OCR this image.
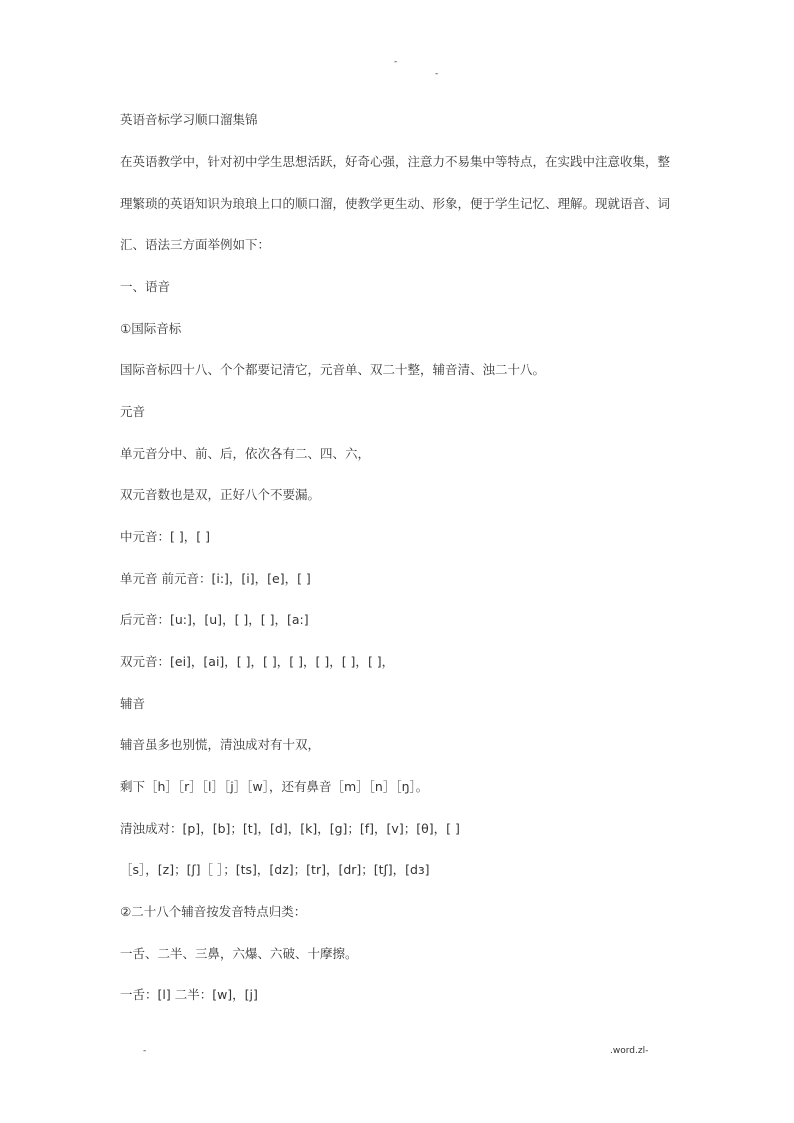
-
-
英语音标学习顺口溜集锦
在英语教学中，针对初中学生思想活跃，好奇心强，注意力不易集中等特点，在实践中注意收集，整
理繁琐的英语知识为琅琅上口的顺口溜，使教学更生动、形象，便于学生记忆、理解。现就语音、词
汇、语法三方面举例如下：
一、语音
①国际音标
国际音标四十八、个个都要记清它，元音单、双二十整，辅音清、浊二十八。
元音
单元音分中、前、后，依次各有二、四、六，
双元音数也是双，正好八个不要漏。
中元音：[ ]，[ ]
单元音 前元音：[i:]，[i]，[e]，[ ]
后元音：[u:]，[u]，[ ]，[ ]，[a:]
双元音：[ei]，[ai]，[ ]，[ ]，[ ]，[ ]，[ ]，[ ]，
辅音
辅音虽多也别慌，清浊成对有十双，
剩下［h］［r］［l］［j］［w］，还有鼻音［m］［n］［ŋ］。
清浊成对：[p]，[b]；[t]，[d]，[k]，[g]；[f]，[v]；[θ]，[ ]
［s］，[z]；[ʃ]［ ］；[ts]，[dz]；[tr]，[dr]；[tʃ]，[dз]
②二十八个辅音按发音特点归类：
一舌、二半、三鼻，六爆、六破、十摩擦。
一舌：[l] 二半：[w]，[j]
-	.word.zl-
